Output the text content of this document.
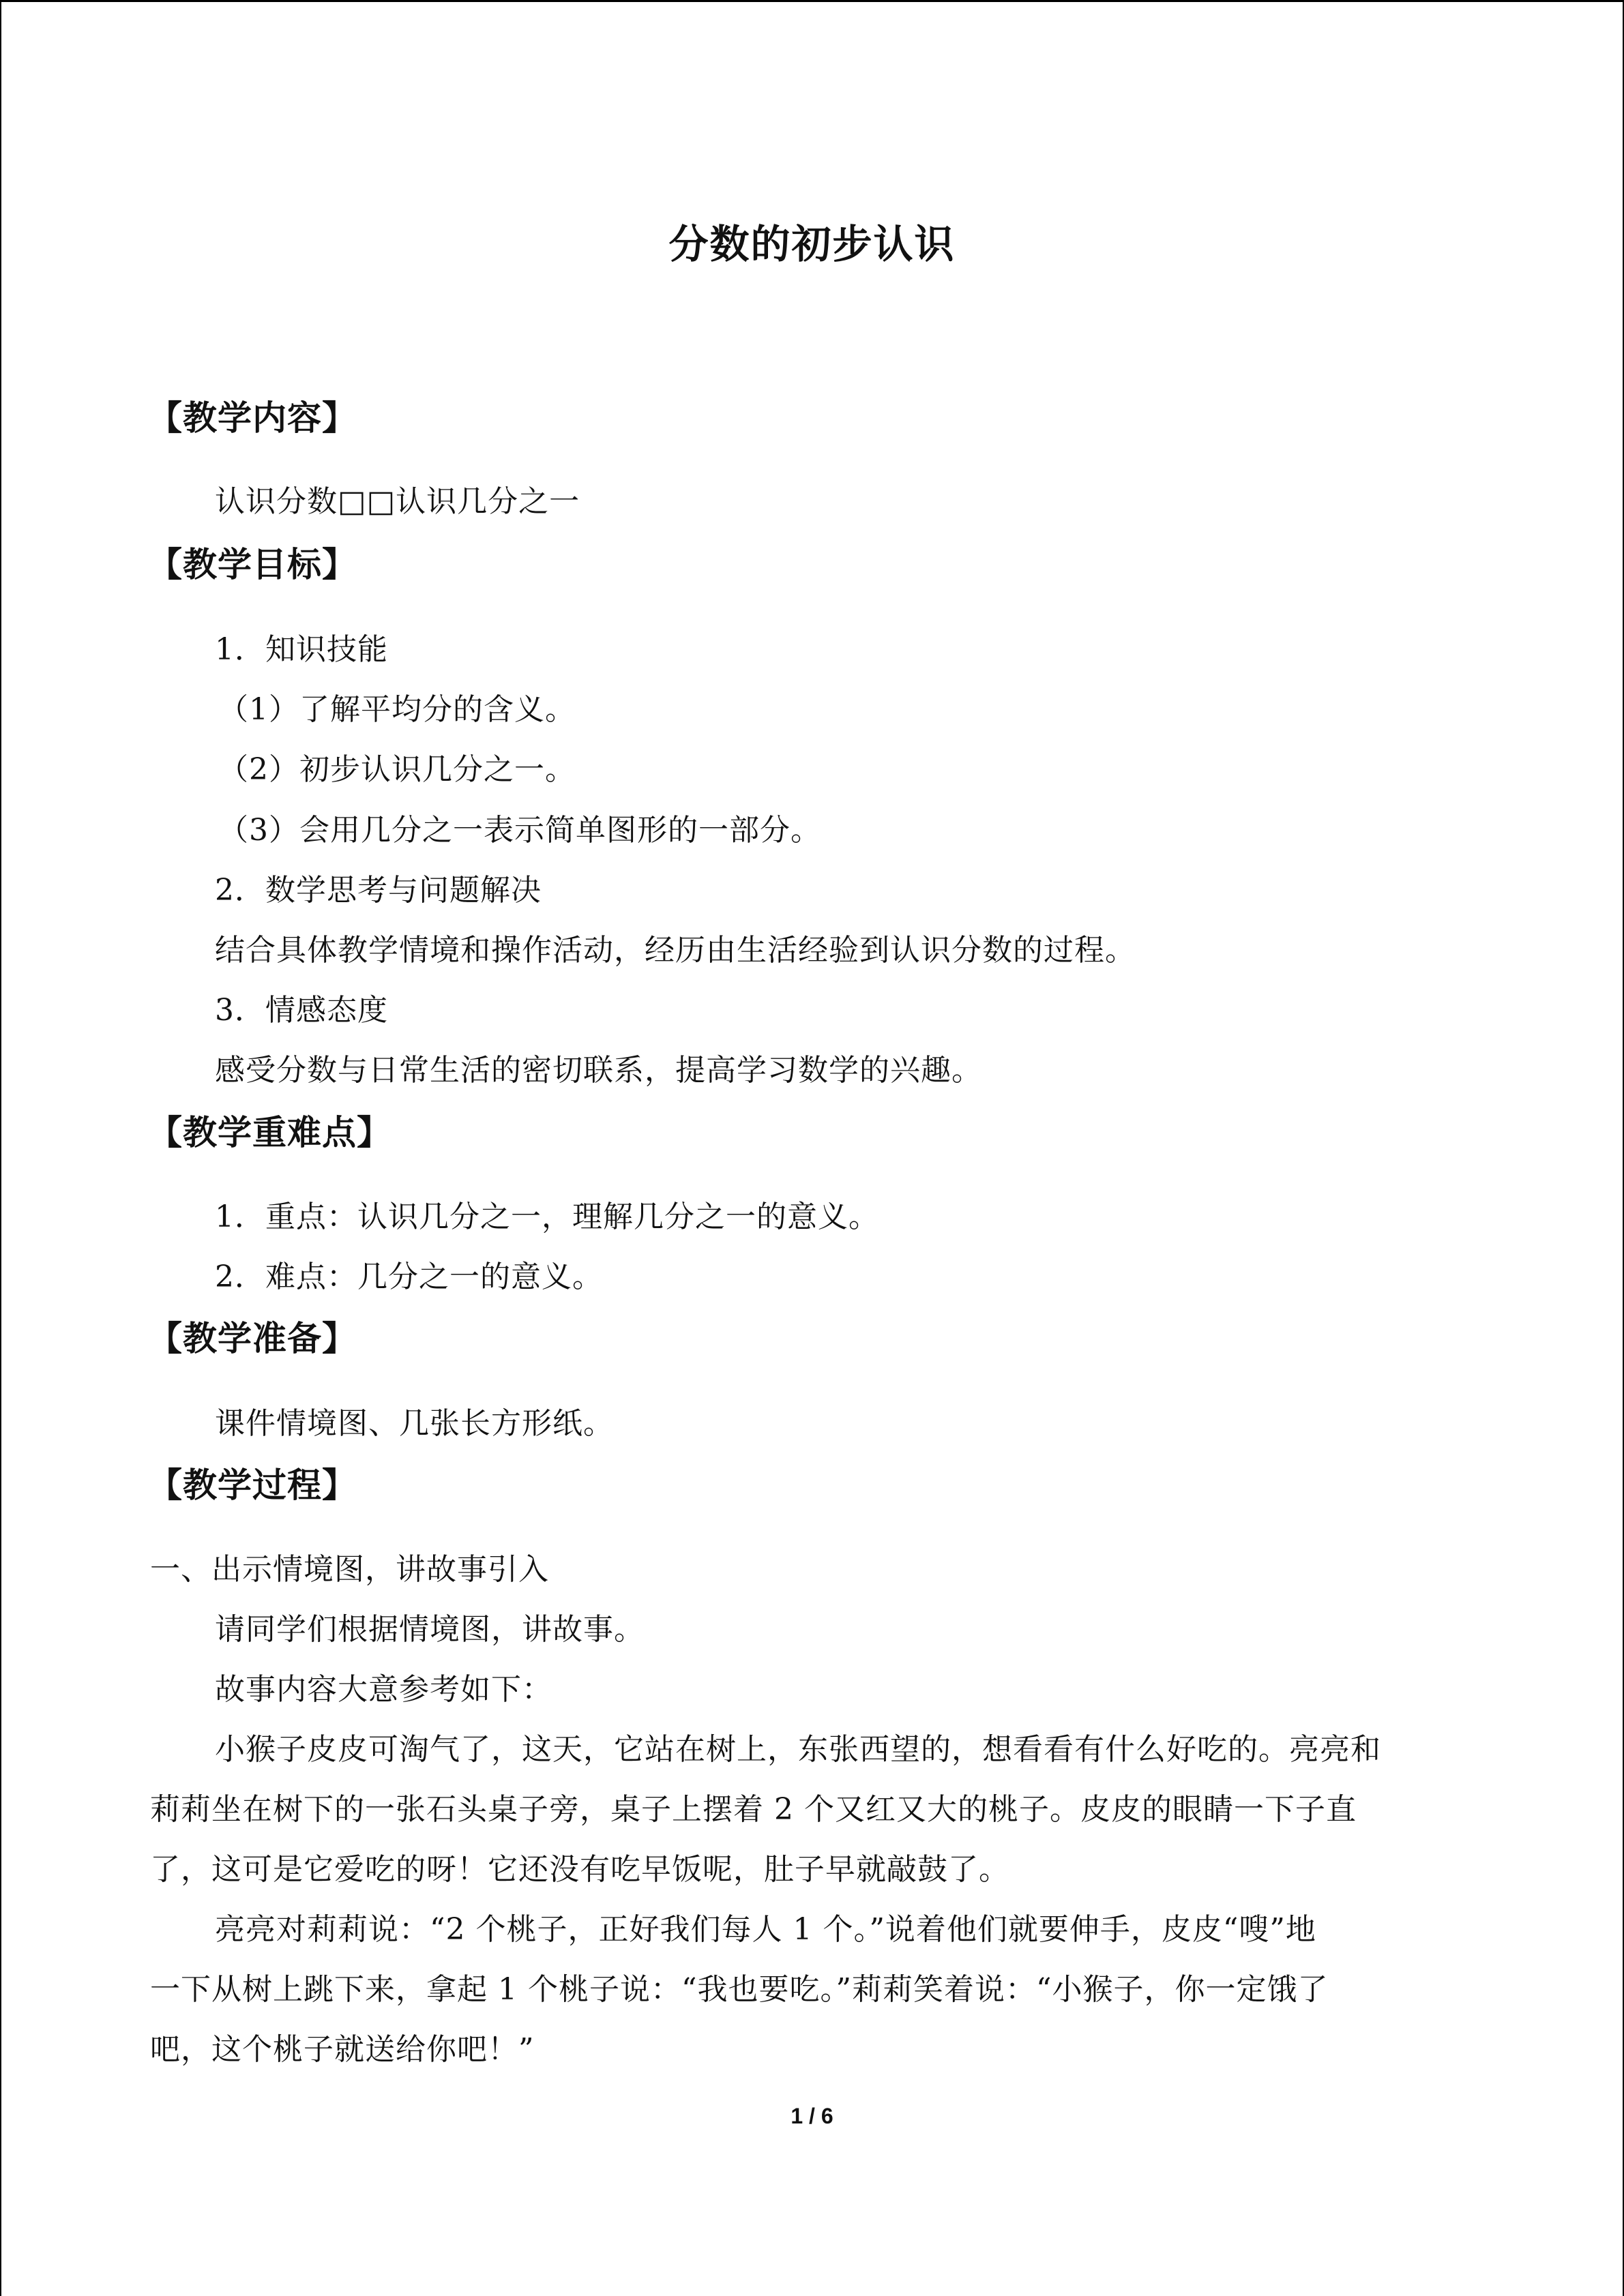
分数的初步认识
【教学内容】
认识分数□□认识几分之一
【教学目标】
1．知识技能
（1）了解平均分的含义。
（2）初步认识几分之一。
（3）会用几分之一表示简单图形的一部分。
2．数学思考与问题解决
结合具体教学情境和操作活动，经历由生活经验到认识分数的过程。
3．情感态度
感受分数与日常生活的密切联系，提高学习数学的兴趣。
【教学重难点】
1．重点：认识几分之一，理解几分之一的意义。
2．难点：几分之一的意义。
【教学准备】
课件情境图、几张长方形纸。
【教学过程】
一、出示情境图，讲故事引入
请同学们根据情境图，讲故事。
故事内容大意参考如下：
小猴子皮皮可淘气了，这天，它站在树上，东张西望的，想看看有什么好吃的。亮亮和
莉莉坐在树下的一张石头桌子旁，桌子上摆着 2 个又红又大的桃子。皮皮的眼睛一下子直
了，这可是它爱吃的呀！它还没有吃早饭呢，肚子早就敲鼓了。
亮亮对莉莉说：“2 个桃子，正好我们每人 1 个。”说着他们就要伸手，皮皮“嗖”地
一下从树上跳下来，拿起 1 个桃子说：“我也要吃。”莉莉笑着说：“小猴子，你一定饿了
吧，这个桃子就送给你吧！”
1 / 6
